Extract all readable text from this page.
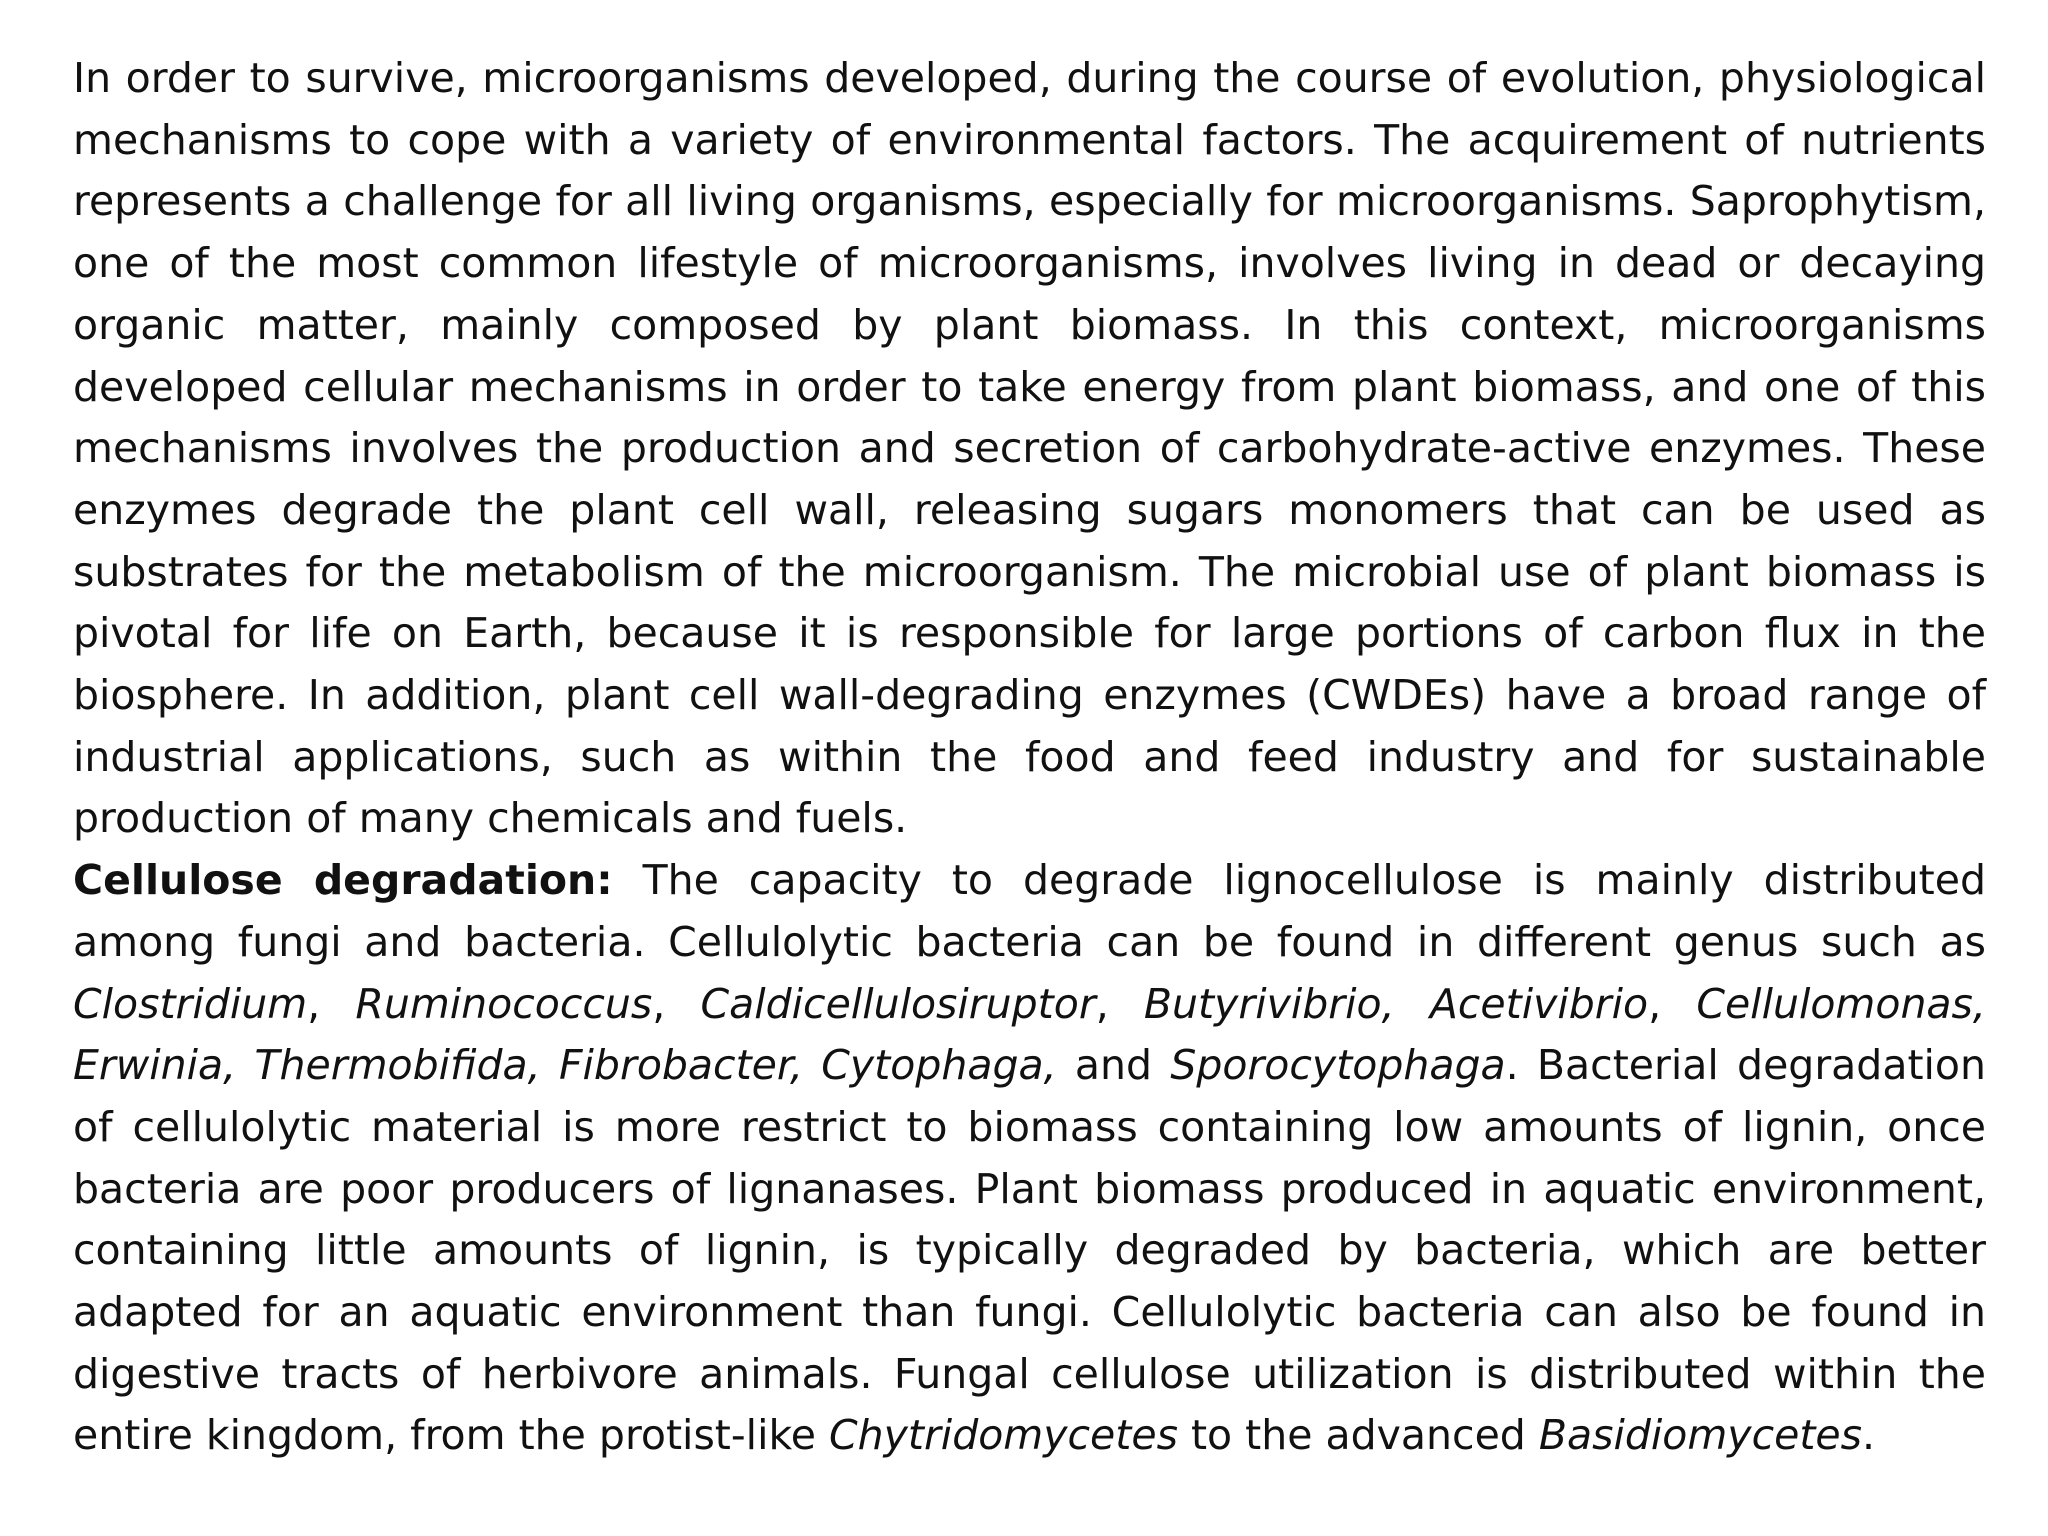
In order to survive, microorganisms developed, during the course of evolution, physiological mechanisms to cope with a variety of environmental factors. The acquirement of nutrients represents a challenge for all living organisms, especially for microorganisms. Saprophytism, one of the most common lifestyle of microorganisms, involves living in dead or decaying organic matter, mainly composed by plant biomass. In this context, microorganisms developed cellular mechanisms in order to take energy from plant biomass, and one of this mechanisms involves the production and secretion of carbohydrate-active enzymes. These enzymes degrade the plant cell wall, releasing sugars monomers that can be used as substrates for the metabolism of the microorganism. The microbial use of plant biomass is pivotal for life on Earth, because it is responsible for large portions of carbon flux in the biosphere. In addition, plant cell wall-degrading enzymes (CWDEs) have a broad range of industrial applications, such as within the food and feed industry and for sustainable production of many chemicals and fuels.

Cellulose degradation: The capacity to degrade lignocellulose is mainly distributed among fungi and bacteria. Cellulolytic bacteria can be found in different genus such as Clostridium, Ruminococcus, Caldicellulosiruptor, Butyrivibrio, Acetivibrio, Cellulomonas, Erwinia, Thermobifida, Fibrobacter, Cytophaga, and Sporocytophaga. Bacterial degradation of cellulolytic material is more restrict to biomass containing low amounts of lignin, once bacteria are poor producers of lignanases. Plant biomass produced in aquatic environment, containing little amounts of lignin, is typically degraded by bacteria, which are better adapted for an aquatic environment than fungi. Cellulolytic bacteria can also be found in digestive tracts of herbivore animals. Fungal cellulose utilization is distributed within the entire kingdom, from the protist-like Chytridomycetes to the advanced Basidiomycetes.
